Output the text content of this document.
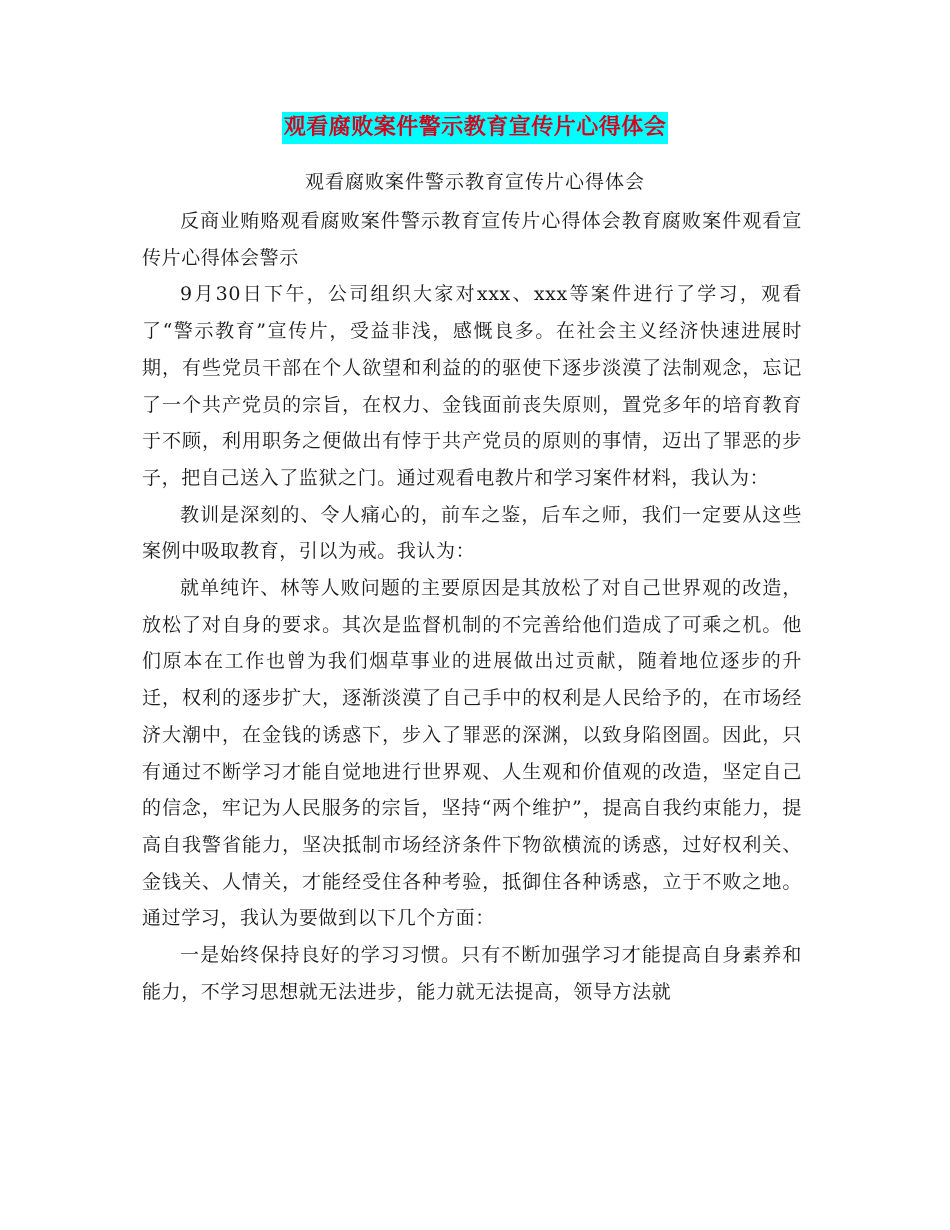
观看腐败案件警示教育宣传片心得体会
观看腐败案件警示教育宣传片心得体会

反商业贿赂观看腐败案件警示教育宣传片心得体会教育腐败案件观看宣传片心得体会警示

9月30日下午，公司组织大家对xxx、xxx等案件进行了学习，观看了“警示教育”宣传片，受益非浅，感慨良多。在社会主义经济快速进展时期，有些党员干部在个人欲望和利益的的驱使下逐步淡漠了法制观念，忘记了一个共产党员的宗旨，在权力、金钱面前丧失原则，置党多年的培育教育于不顾，利用职务之便做出有悖于共产党员的原则的事情，迈出了罪恶的步子，把自己送入了监狱之门。通过观看电教片和学习案件材料，我认为：

教训是深刻的、令人痛心的，前车之鉴，后车之师，我们一定要从这些案例中吸取教育，引以为戒。我认为：

就单纯许、林等人败问题的主要原因是其放松了对自己世界观的改造，放松了对自身的要求。其次是监督机制的不完善给他们造成了可乘之机。他们原本在工作也曾为我们烟草事业的进展做出过贡献，随着地位逐步的升迁，权利的逐步扩大，逐渐淡漠了自己手中的权利是人民给予的，在市场经济大潮中，在金钱的诱惑下，步入了罪恶的深渊，以致身陷囹圄。因此，只有通过不断学习才能自觉地进行世界观、人生观和价值观的改造，坚定自己的信念，牢记为人民服务的宗旨，坚持“两个维护”，提高自我约束能力，提高自我警省能力，坚决抵制市场经济条件下物欲横流的诱惑，过好权利关、金钱关、人情关，才能经受住各种考验，抵御住各种诱惑，立于不败之地。通过学习，我认为要做到以下几个方面：

一是始终保持良好的学习习惯。只有不断加强学习才能提高自身素养和能力，不学习思想就无法进步，能力就无法提高，领导方法就
